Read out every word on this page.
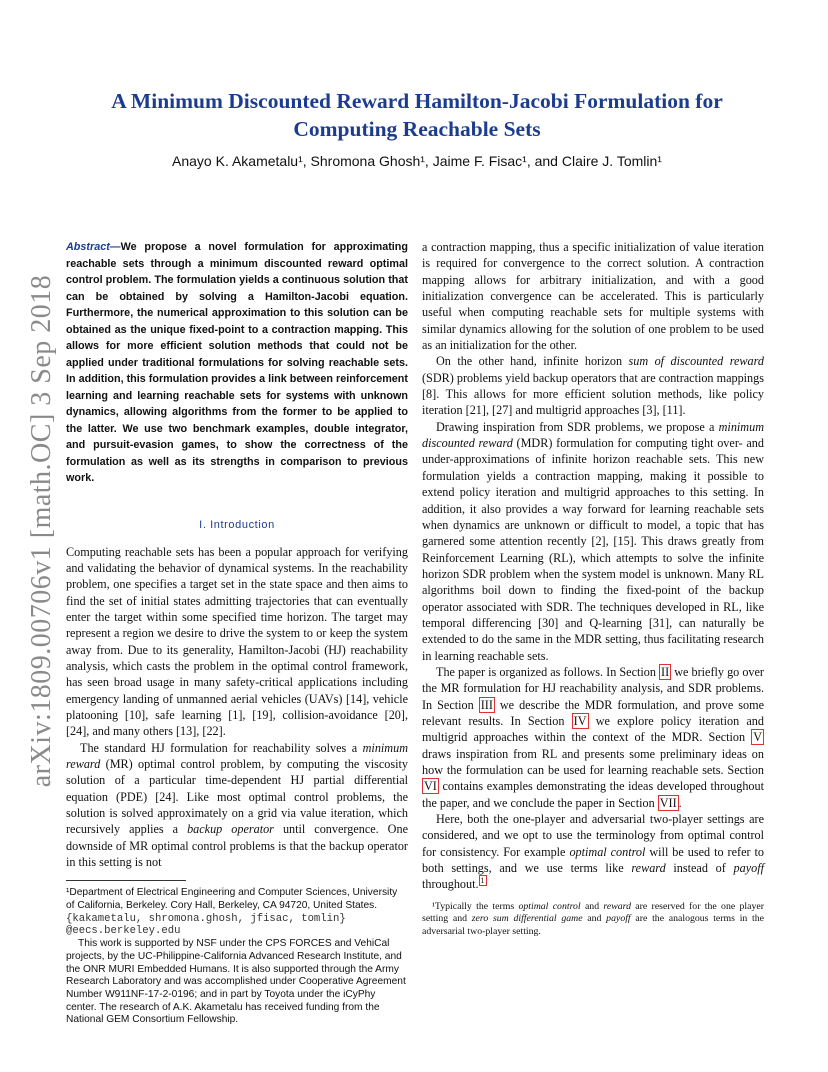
arXiv:1809.00706v1 [math.OC] 3 Sep 2018
A Minimum Discounted Reward Hamilton-Jacobi Formulation for Computing Reachable Sets
Anayo K. Akametalu¹, Shromona Ghosh¹, Jaime F. Fisac¹, and Claire J. Tomlin¹

Abstract—We propose a novel formulation for approximating reachable sets through a minimum discounted reward optimal control problem. The formulation yields a continuous solution that can be obtained by solving a Hamilton-Jacobi equation. Furthermore, the numerical approximation to this solution can be obtained as the unique fixed-point to a contraction mapping. This allows for more efficient solution methods that could not be applied under traditional formulations for solving reachable sets. In addition, this formulation provides a link between reinforcement learning and learning reachable sets for systems with unknown dynamics, allowing algorithms from the former to be applied to the latter. We use two benchmark examples, double integrator, and pursuit-evasion games, to show the correctness of the formulation as well as its strengths in comparison to previous work.

I. Introduction

Computing reachable sets has been a popular approach for verifying and validating the behavior of dynamical systems. In the reachability problem, one specifies a target set in the state space and then aims to find the set of initial states admitting trajectories that can eventually enter the target within some specified time horizon. The target may represent a region we desire to drive the system to or keep the system away from. Due to its generality, Hamilton-Jacobi (HJ) reachability analysis, which casts the problem in the optimal control framework, has seen broad usage in many safety-critical applications including emergency landing of unmanned aerial vehicles (UAVs) [14], vehicle platooning [10], safe learning [1], [19], collision-avoidance [20], [24], and many others [13], [22].

The standard HJ formulation for reachability solves a minimum reward (MR) optimal control problem, by computing the viscosity solution of a particular time-dependent HJ partial differential equation (PDE) [24]. Like most optimal control problems, the solution is solved approximately on a grid via value iteration, which recursively applies a backup operator until convergence. One downside of MR optimal control problems is that the backup operator in this setting is not

¹Department of Electrical Engineering and Computer Sciences, University of California, Berkeley. Cory Hall, Berkeley, CA 94720, United States.

{kakametalu, shromona.ghosh, jfisac, tomlin} @eecs.berkeley.edu

This work is supported by NSF under the CPS FORCES and VehiCal projects, by the UC-Philippine-California Advanced Research Institute, and the ONR MURI Embedded Humans. It is also supported through the Army Research Laboratory and was accomplished under Cooperative Agreement Number W911NF-17-2-0196; and in part by Toyota under the iCyPhy center. The research of A.K. Akametalu has received funding from the National GEM Consortium Fellowship.

a contraction mapping, thus a specific initialization of value iteration is required for convergence to the correct solution. A contraction mapping allows for arbitrary initialization, and with a good initialization convergence can be accelerated. This is particularly useful when computing reachable sets for multiple systems with similar dynamics allowing for the solution of one problem to be used as an initialization for the other.

On the other hand, infinite horizon sum of discounted reward (SDR) problems yield backup operators that are contraction mappings [8]. This allows for more efficient solution methods, like policy iteration [21], [27] and multigrid approaches [3], [11].

Drawing inspiration from SDR problems, we propose a minimum discounted reward (MDR) formulation for computing tight over- and under-approximations of infinite horizon reachable sets. This new formulation yields a contraction mapping, making it possible to extend policy iteration and multigrid approaches to this setting. In addition, it also provides a way forward for learning reachable sets when dynamics are unknown or difficult to model, a topic that has garnered some attention recently [2], [15]. This draws greatly from Reinforcement Learning (RL), which attempts to solve the infinite horizon SDR problem when the system model is unknown. Many RL algorithms boil down to finding the fixed-point of the backup operator associated with SDR. The techniques developed in RL, like temporal differencing [30] and Q-learning [31], can naturally be extended to do the same in the MDR setting, thus facilitating research in learning reachable sets.

The paper is organized as follows. In Section II we briefly go over the MR formulation for HJ reachability analysis, and SDR problems. In Section III we describe the MDR formulation, and prove some relevant results. In Section IV we explore policy iteration and multigrid approaches within the context of the MDR. Section V draws inspiration from RL and presents some preliminary ideas on how the formulation can be used for learning reachable sets. Section VI contains examples demonstrating the ideas developed throughout the paper, and we conclude the paper in Section VII .

Here, both the one-player and adversarial two-player settings are considered, and we opt to use the terminology from optimal control for consistency. For example optimal control will be used to refer to both settings, and we use terms like reward instead of payoff throughout. $^1$

¹Typically the terms optimal control and reward are reserved for the one player setting and zero sum differential game and payoff are the analogous terms in the adversarial two-player setting.
